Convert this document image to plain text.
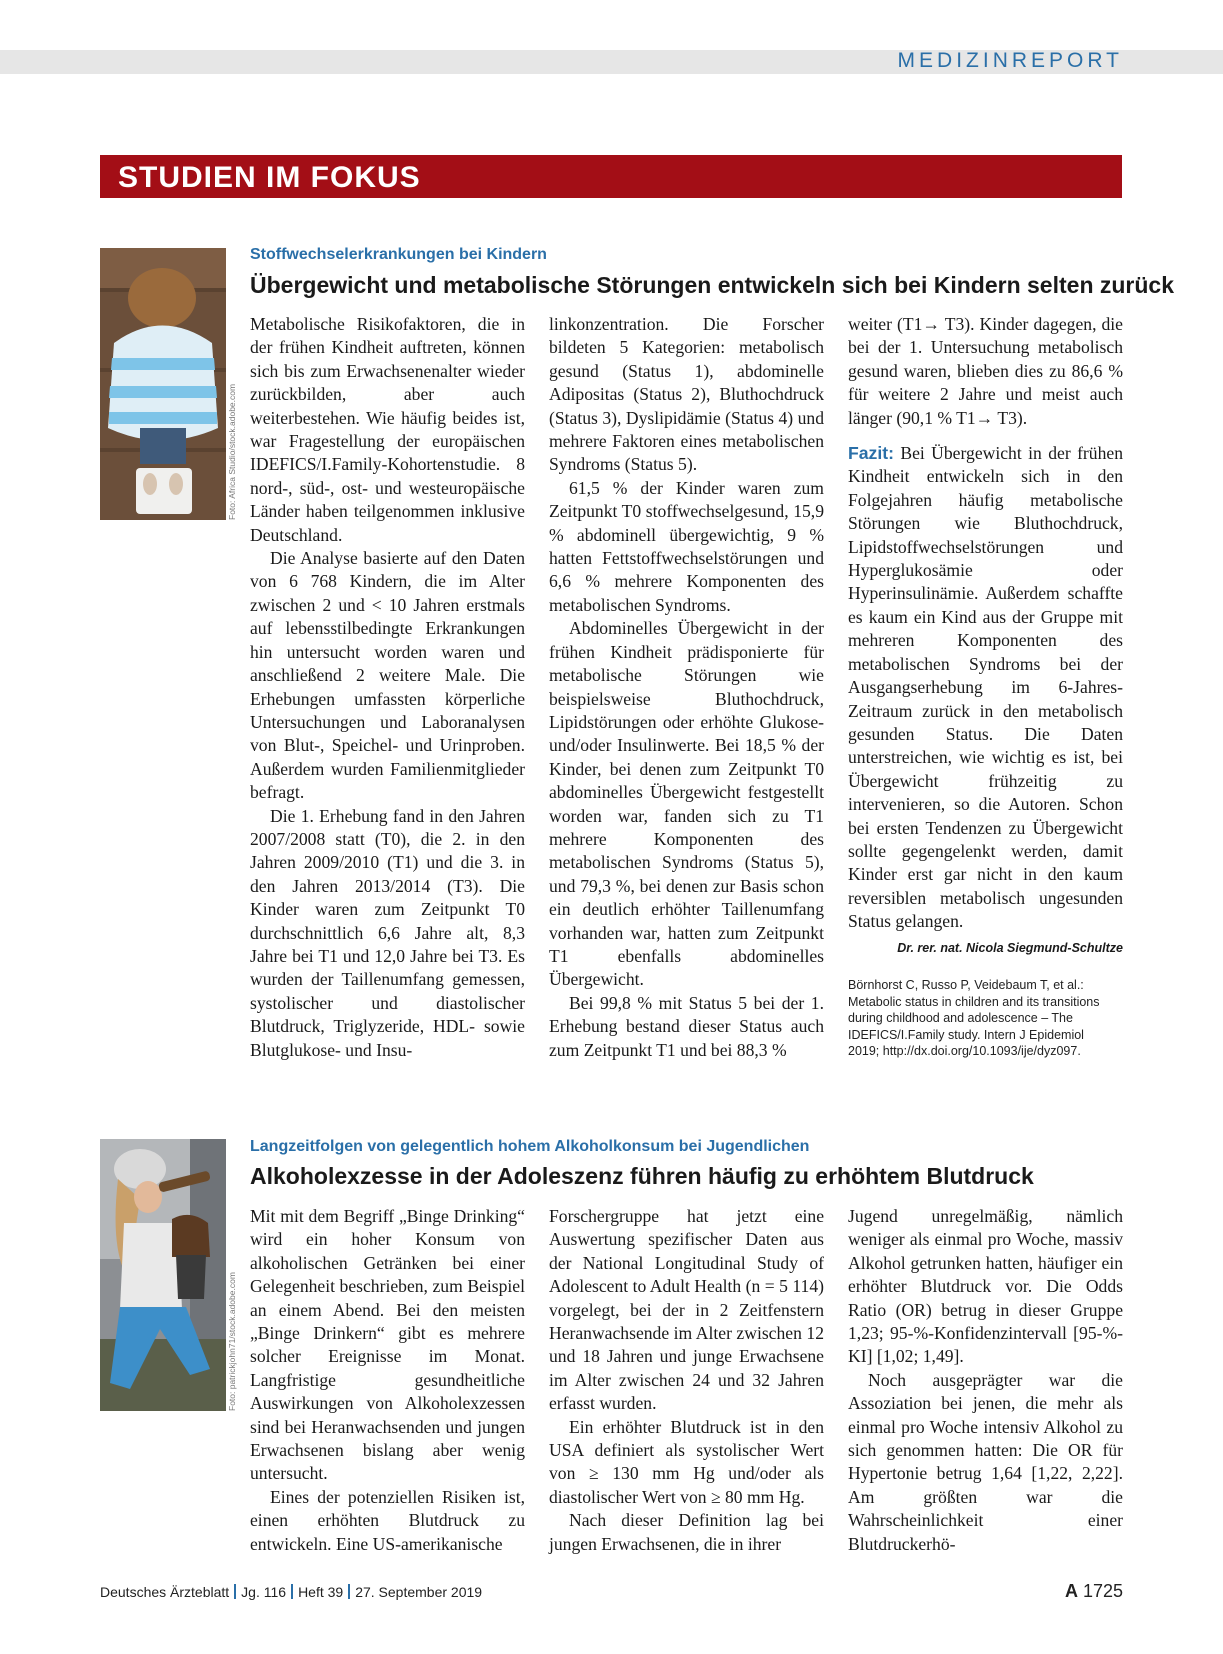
MEDIZINREPORT
STUDIEN IM FOKUS
Foto: Africa Studio/stock.adobe.com
Stoffwechselerkrankungen bei Kindern
Übergewicht und metabolische Störungen entwickeln sich bei Kindern selten zurück

Metabolische Risikofaktoren, die in der frühen Kindheit auftreten, können sich bis zum Erwachsenenalter wieder zurückbilden, aber auch weiterbestehen. Wie häufig beides ist, war Fragestellung der europäischen IDEFICS/I.Family-Kohortenstudie. 8 nord-, süd-, ost- und westeuropäische Länder haben teilgenommen inklusive Deutschland.

Die Analyse basierte auf den Daten von 6 768 Kindern, die im Alter zwischen 2 und < 10 Jahren erstmals auf lebensstilbedingte Erkrankungen hin untersucht worden waren und anschließend 2 weitere Male. Die Erhebungen umfassten körperliche Untersuchungen und Laboranalysen von Blut-, Speichel- und Urinproben. Außerdem wurden Familienmitglieder befragt.

Die 1. Erhebung fand in den Jahren 2007/2008 statt (T0), die 2. in den Jahren 2009/2010 (T1) und die 3. in den Jahren 2013/2014 (T3). Die Kinder waren zum Zeitpunkt T0 durchschnittlich 6,6 Jahre alt, 8,3 Jahre bei T1 und 12,0 Jahre bei T3. Es wurden der Taillenumfang gemessen, systolischer und diastolischer Blutdruck, Triglyzeride, HDL- sowie Blutglukose- und Insu-

linkonzentration. Die Forscher bildeten 5 Kategorien: metabolisch gesund (Status 1), abdominelle Adipositas (Status 2), Bluthochdruck (Status 3), Dyslipidämie (Status 4) und mehrere Faktoren eines metabolischen Syndroms (Status 5).

61,5 % der Kinder waren zum Zeitpunkt T0 stoffwechselgesund, 15,9 % abdominell übergewichtig, 9 % hatten Fettstoffwechselstörungen und 6,6 % mehrere Komponenten des metabolischen Syndroms.

Abdominelles Übergewicht in der frühen Kindheit prädisponierte für metabolische Störungen wie beispielsweise Bluthochdruck, Lipidstörungen oder erhöhte Glukose- und/oder Insulinwerte. Bei 18,5 % der Kinder, bei denen zum Zeitpunkt T0 abdominelles Übergewicht festgestellt worden war, fanden sich zu T1 mehrere Komponenten des metabolischen Syndroms (Status 5), und 79,3 %, bei denen zur Basis schon ein deutlich erhöhter Taillenumfang vorhanden war, hatten zum Zeitpunkt T1 ebenfalls abdominelles Übergewicht.

Bei 99,8 % mit Status 5 bei der 1. Erhebung bestand dieser Status auch zum Zeitpunkt T1 und bei 88,3 %

weiter (T1→ T3). Kinder dagegen, die bei der 1. Untersuchung metabolisch gesund waren, blieben dies zu 86,6 % für weitere 2 Jahre und meist auch länger (90,1 % T1→ T3).

Fazit: Bei Übergewicht in der frühen Kindheit entwickeln sich in den Folgejahren häufig metabolische Störungen wie Bluthochdruck, Lipidstoffwechselstörungen und Hyperglukosämie oder Hyperinsulinämie. Außerdem schaffte es kaum ein Kind aus der Gruppe mit mehreren Komponenten des metabolischen Syndroms bei der Ausgangserhebung im 6-Jahres-Zeitraum zurück in den metabolisch gesunden Status. Die Daten unterstreichen, wie wichtig es ist, bei Übergewicht frühzeitig zu intervenieren, so die Autoren. Schon bei ersten Tendenzen zu Übergewicht sollte gegengelenkt werden, damit Kinder erst gar nicht in den kaum reversiblen metabolisch ungesunden Status gelangen.
Dr. rer. nat. Nicola Siegmund-Schultze

Börnhorst C, Russo P, Veidebaum T, et al.: Metabolic status in children and its transitions during childhood and adolescence – The IDEFICS/I.Family study. Intern J Epidemiol 2019; http://dx.doi.org/10.1093/ije/dyz097.
Foto: patrickjohn71/stock.adobe.com
Langzeitfolgen von gelegentlich hohem Alkoholkonsum bei Jugendlichen
Alkoholexzesse in der Adoleszenz führen häufig zu erhöhtem Blutdruck

Mit mit dem Begriff „Binge Drinking“ wird ein hoher Konsum von alkoholischen Getränken bei einer Gelegenheit beschrieben, zum Beispiel an einem Abend. Bei den meisten „Binge Drinkern“ gibt es mehrere solcher Ereignisse im Monat. Langfristige gesundheitliche Auswirkungen von Alkoholexzessen sind bei Heranwachsenden und jungen Erwachsenen bislang aber wenig untersucht.

Eines der potenziellen Risiken ist, einen erhöhten Blutdruck zu entwickeln. Eine US-amerikanische

Forschergruppe hat jetzt eine Auswertung spezifischer Daten aus der National Longitudinal Study of Adolescent to Adult Health (n = 5 114) vorgelegt, bei der in 2 Zeitfenstern Heranwachsende im Alter zwischen 12 und 18 Jahren und junge Erwachsene im Alter zwischen 24 und 32 Jahren erfasst wurden.

Ein erhöhter Blutdruck ist in den USA definiert als systolischer Wert von ≥ 130 mm Hg und/oder als diastolischer Wert von ≥ 80 mm Hg.

Nach dieser Definition lag bei jungen Erwachsenen, die in ihrer

Jugend unregelmäßig, nämlich weniger als einmal pro Woche, massiv Alkohol getrunken hatten, häufiger ein erhöhter Blutdruck vor. Die Odds Ratio (OR) betrug in dieser Gruppe 1,23; 95-%-Konfidenzintervall [95-%-KI] [1,02; 1,49].

Noch ausgeprägter war die Assoziation bei jenen, die mehr als einmal pro Woche intensiv Alkohol zu sich genommen hatten: Die OR für Hypertonie betrug 1,64 [1,22, 2,22]. Am größten war die Wahrscheinlichkeit einer Blutdruckerhö-

Deutsches Ärzteblatt Jg. 116 Heft 39 27. September 2019	A 1725
